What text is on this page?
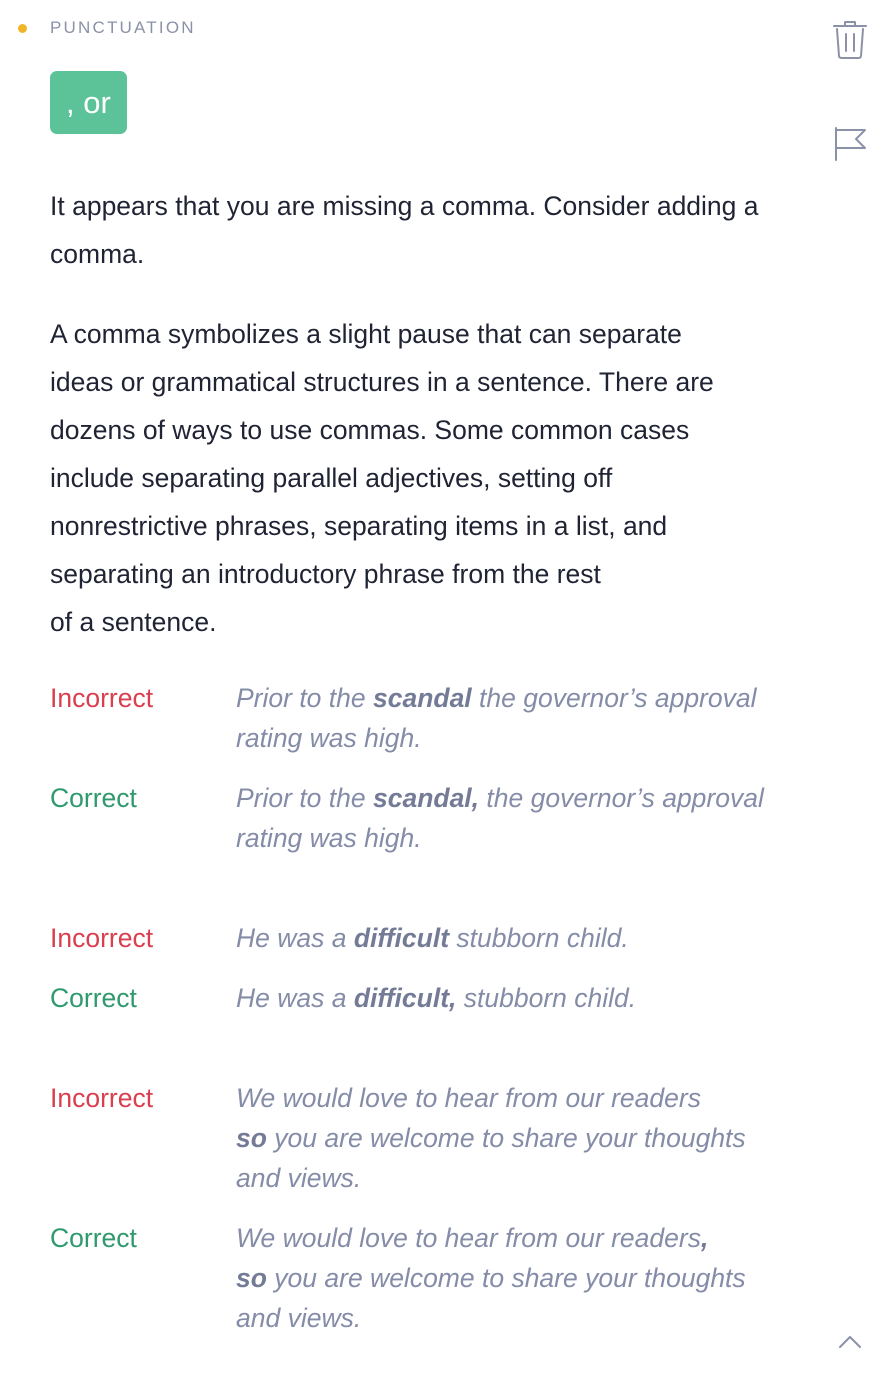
PUNCTUATION
, or

It appears that you are missing a comma. Consider adding a comma.

A comma symbolizes a slight pause that can separate
ideas or grammatical structures in a sentence. There are
dozens of ways to use commas. Some common cases
include separating parallel adjectives, setting off
nonrestrictive phrases, separating items in a list, and
separating an introductory phrase from the rest
of a sentence.
Incorrect	Prior to the scandal the governor’s approval
rating was high.
Correct	Prior to the scandal, the governor’s approval
rating was high.
Incorrect	He was a difficult stubborn child.
Correct	He was a difficult, stubborn child.
Incorrect	We would love to hear from our readers
so you are welcome to share your thoughts
and views.
Correct	We would love to hear from our readers,
so you are welcome to share your thoughts
and views.
